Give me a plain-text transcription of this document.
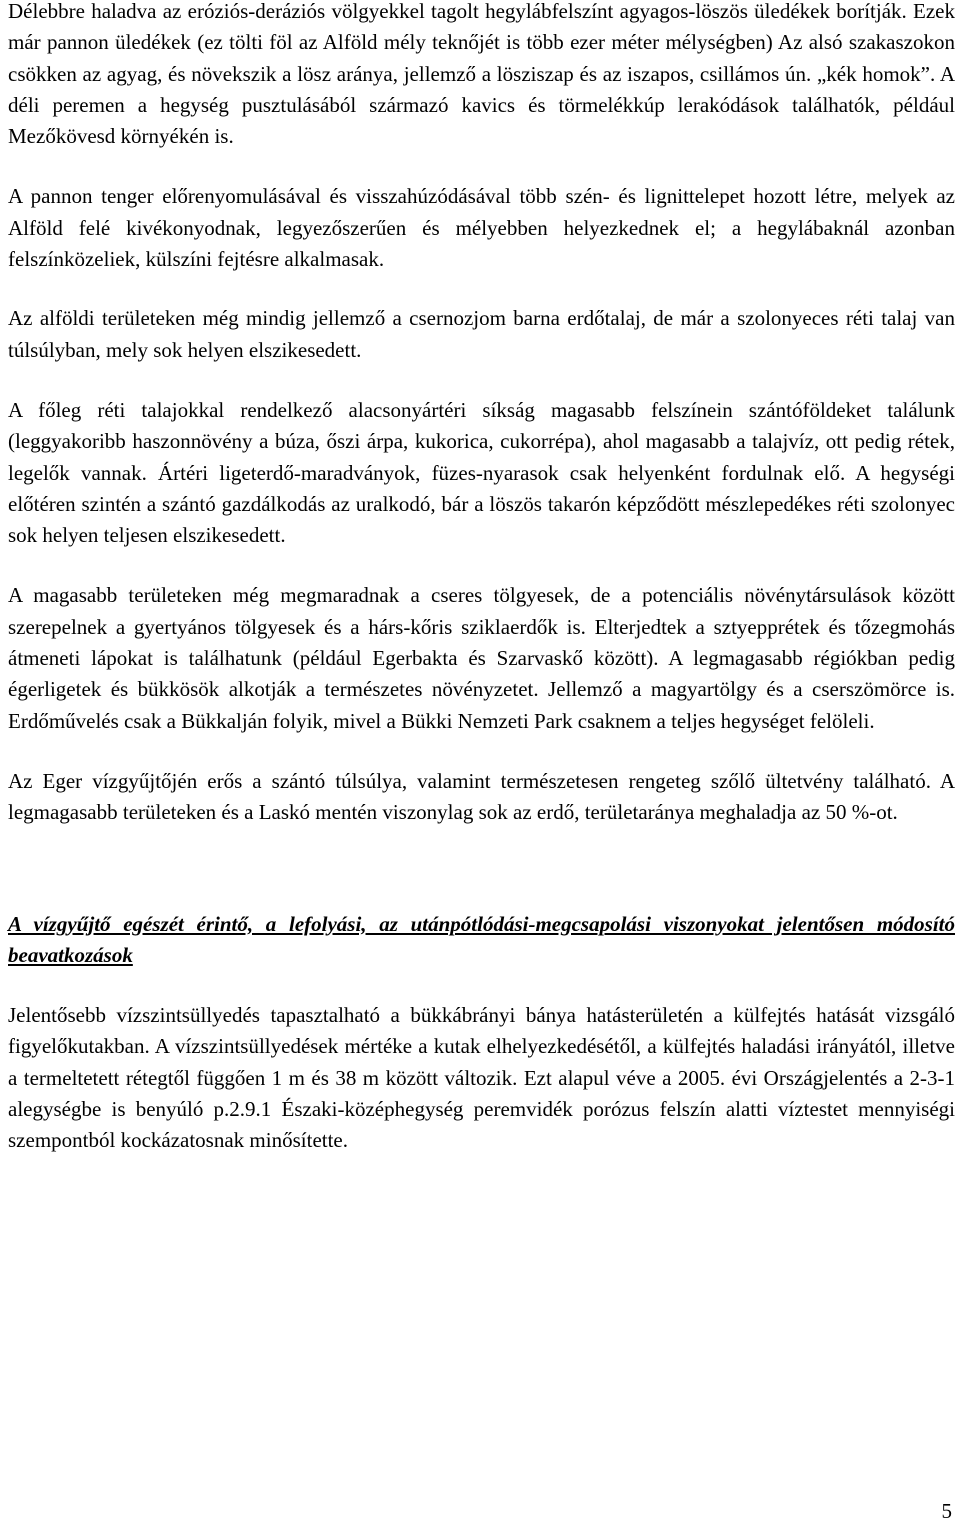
Délebbre haladva az eróziós-deráziós völgyekkel tagolt hegylábfelszínt agyagos-löszös üledékek borítják. Ezek már pannon üledékek (ez tölti föl az Alföld mély teknőjét is több ezer méter mélységben) Az alsó szakaszokon csökken az agyag, és növekszik a lösz aránya, jellemző a lösziszap és az iszapos, csillámos ún. „kék homok”. A déli peremen a hegység pusztulásából származó kavics és törmelékkúp lerakódások találhatók, például Mezőkövesd környékén is.

A pannon tenger előrenyomulásával és visszahúzódásával több szén- és lignittelepet hozott létre, melyek az Alföld felé kivékonyodnak, legyezőszerűen és mélyebben helyezkednek el; a hegylábaknál azonban felszínközeliek, külszíni fejtésre alkalmasak.

Az alföldi területeken még mindig jellemző a csernozjom barna erdőtalaj, de már a szolonyeces réti talaj van túlsúlyban, mely sok helyen elszikesedett.

A főleg réti talajokkal rendelkező alacsonyártéri síkság magasabb felszínein szántóföldeket találunk (leggyakoribb haszonnövény a búza, őszi árpa, kukorica, cukorrépa), ahol magasabb a talajvíz, ott pedig rétek, legelők vannak. Ártéri ligeterdő-maradványok, füzes-nyarasok csak helyenként fordulnak elő. A hegységi előtéren szintén a szántó gazdálkodás az uralkodó, bár a löszös takarón képződött mészlepedékes réti szolonyec sok helyen teljesen elszikesedett.

A magasabb területeken még megmaradnak a cseres tölgyesek, de a potenciális növénytársulások között szerepelnek a gyertyános tölgyesek és a hárs-kőris sziklaerdők is. Elterjedtek a sztyepprétek és tőzegmohás átmeneti lápokat is találhatunk (például Egerbakta és Szarvaskő között). A legmagasabb régiókban pedig égerligetek és bükkösök alkotják a természetes növényzetet. Jellemző a magyartölgy és a cserszömörce is. Erdőművelés csak a Bükkalján folyik, mivel a Bükki Nemzeti Park csaknem a teljes hegységet felöleli.

Az Eger vízgyűjtőjén erős a szántó túlsúlya, valamint természetesen rengeteg szőlő ültetvény található. A legmagasabb területeken és a Laskó mentén viszonylag sok az erdő, területaránya meghaladja az 50 %-ot.

A vízgyűjtő egészét érintő, a lefolyási, az utánpótlódási-megcsapolási viszonyokat jelentősen módosító beavatkozások

Jelentősebb vízszintsüllyedés tapasztalható a bükkábrányi bánya hatásterületén a külfejtés hatását vizsgáló figyelőkutakban. A vízszintsüllyedések mértéke a kutak elhelyezkedésétől, a külfejtés haladási irányától, illetve a termeltetett rétegtől függően 1 m és 38 m között változik. Ezt alapul véve a 2005. évi Országjelentés a 2-3-1 alegységbe is benyúló p.2.9.1 Északi-középhegység peremvidék porózus felszín alatti víztestet mennyiségi szempontból kockázatosnak minősítette.

5
